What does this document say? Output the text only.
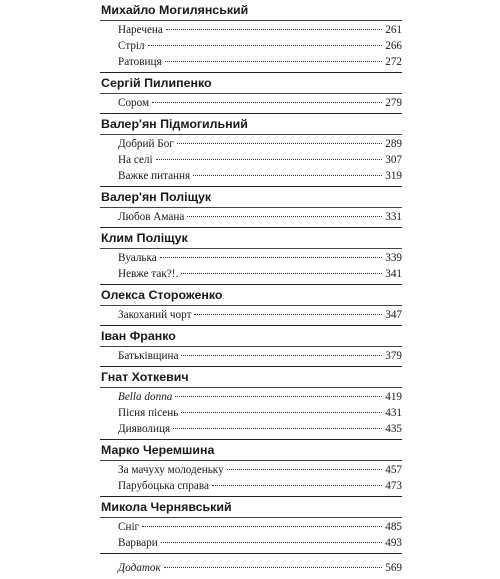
Михайло Могилянський
Наречена	261
Стріл	266
Ратовиця	272
Сергій Пилипенко
Сором	279
Валер'ян Підмогильний
Добрий Бог	289
На селі	307
Важке питання	319
Валер'ян Поліщук
Любов Амана	331
Клим Поліщук
Вуалька	339
Невже так?!.	341
Олекса Стороженко
Закоханий чорт	347
Іван Франко
Батьківщина	379
Гнат Хоткевич
Bella donna	419
Пісня пісень	431
Дияволиця	435
Марко Черемшина
За мачуху молоденьку	457
Парубоцька справа	473
Микола Чернявський
Сніг	485
Варвари	493
Додаток	569
